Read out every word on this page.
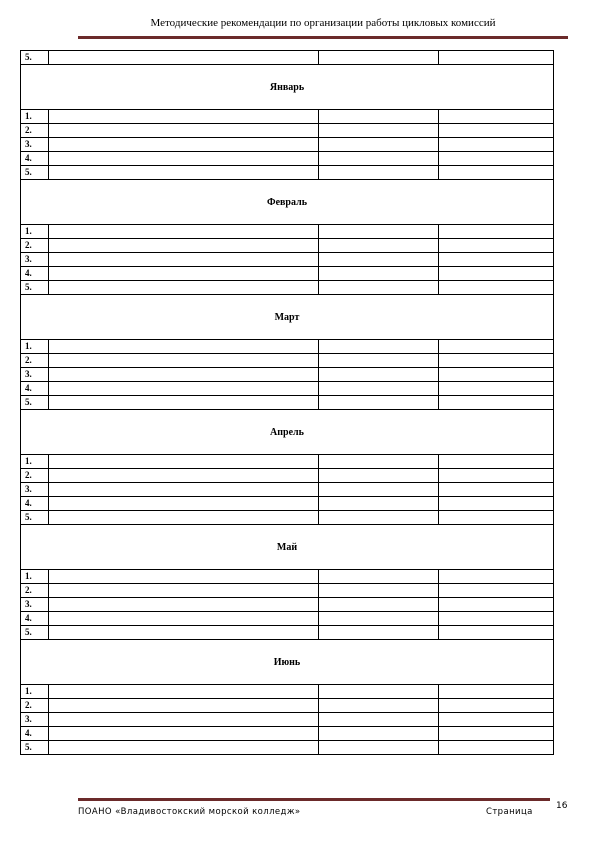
Методические рекомендации по организации работы цикловых комиссий
5.			
Январь			
1.			
2.			
3.			
4.			
5.			
Февраль			
1.			
2.			
3.			
4.			
5.			
Март			
1.			
2.			
3.			
4.			
5.			
Апрель			
1.			
2.			
3.			
4.			
5.			
Май			
1.			
2.			
3.			
4.			
5.			
Июнь			
1.			
2.			
3.			
4.			
5.			
ПОАНО «Владивостокский морской колледж»	Страница
16
